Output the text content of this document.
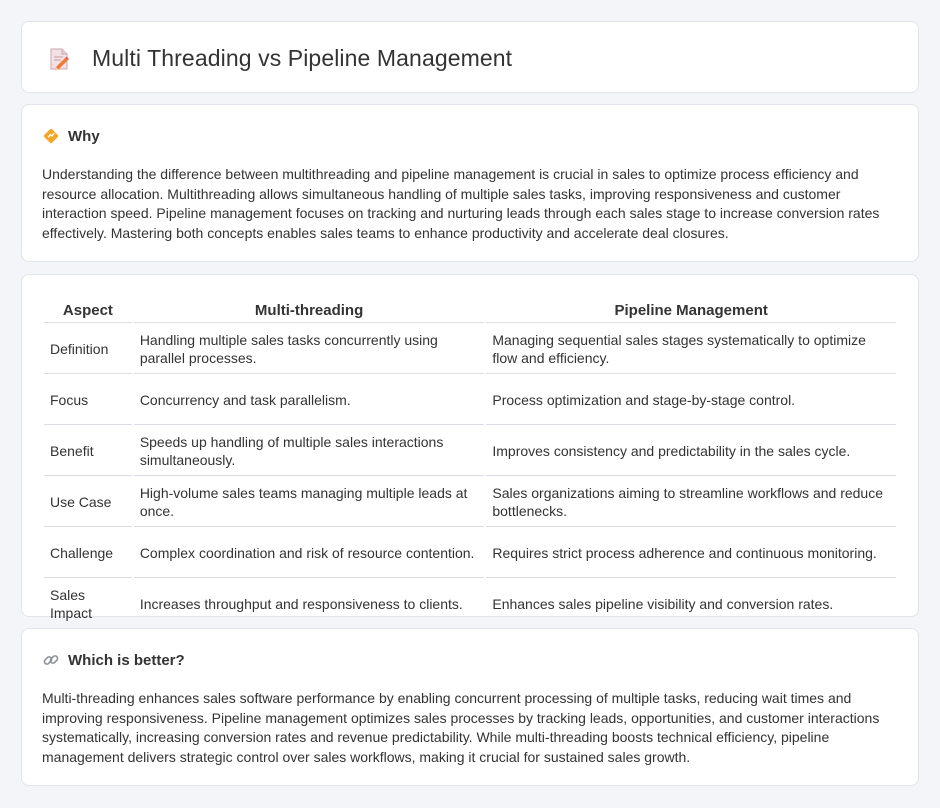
Multi Threading vs Pipeline Management
Why

Understanding the difference between multithreading and pipeline management is crucial in sales to optimize process efficiency and resource allocation. Multithreading allows simultaneous handling of multiple sales tasks, improving responsiveness and customer interaction speed. Pipeline management focuses on tracking and nurturing leads through each sales stage to increase conversion rates effectively. Mastering both concepts enables sales teams to enhance productivity and accelerate deal closures.

Aspect	Multi-threading	Pipeline Management
Definition	Handling multiple sales tasks concurrently using parallel processes.	Managing sequential sales stages systematically to optimize flow and efficiency.
Focus	Concurrency and task parallelism.	Process optimization and stage-by-stage control.
Benefit	Speeds up handling of multiple sales interactions simultaneously.	Improves consistency and predictability in the sales cycle.
Use Case	High-volume sales teams managing multiple leads at once.	Sales organizations aiming to streamline workflows and reduce bottlenecks.
Challenge	Complex coordination and risk of resource contention.	Requires strict process adherence and continuous monitoring.
Sales Impact	Increases throughput and responsiveness to clients.	Enhances sales pipeline visibility and conversion rates.
Which is better?

Multi-threading enhances sales software performance by enabling concurrent processing of multiple tasks, reducing wait times and improving responsiveness. Pipeline management optimizes sales processes by tracking leads, opportunities, and customer interactions systematically, increasing conversion rates and revenue predictability. While multi-threading boosts technical efficiency, pipeline management delivers strategic control over sales workflows, making it crucial for sustained sales growth.
